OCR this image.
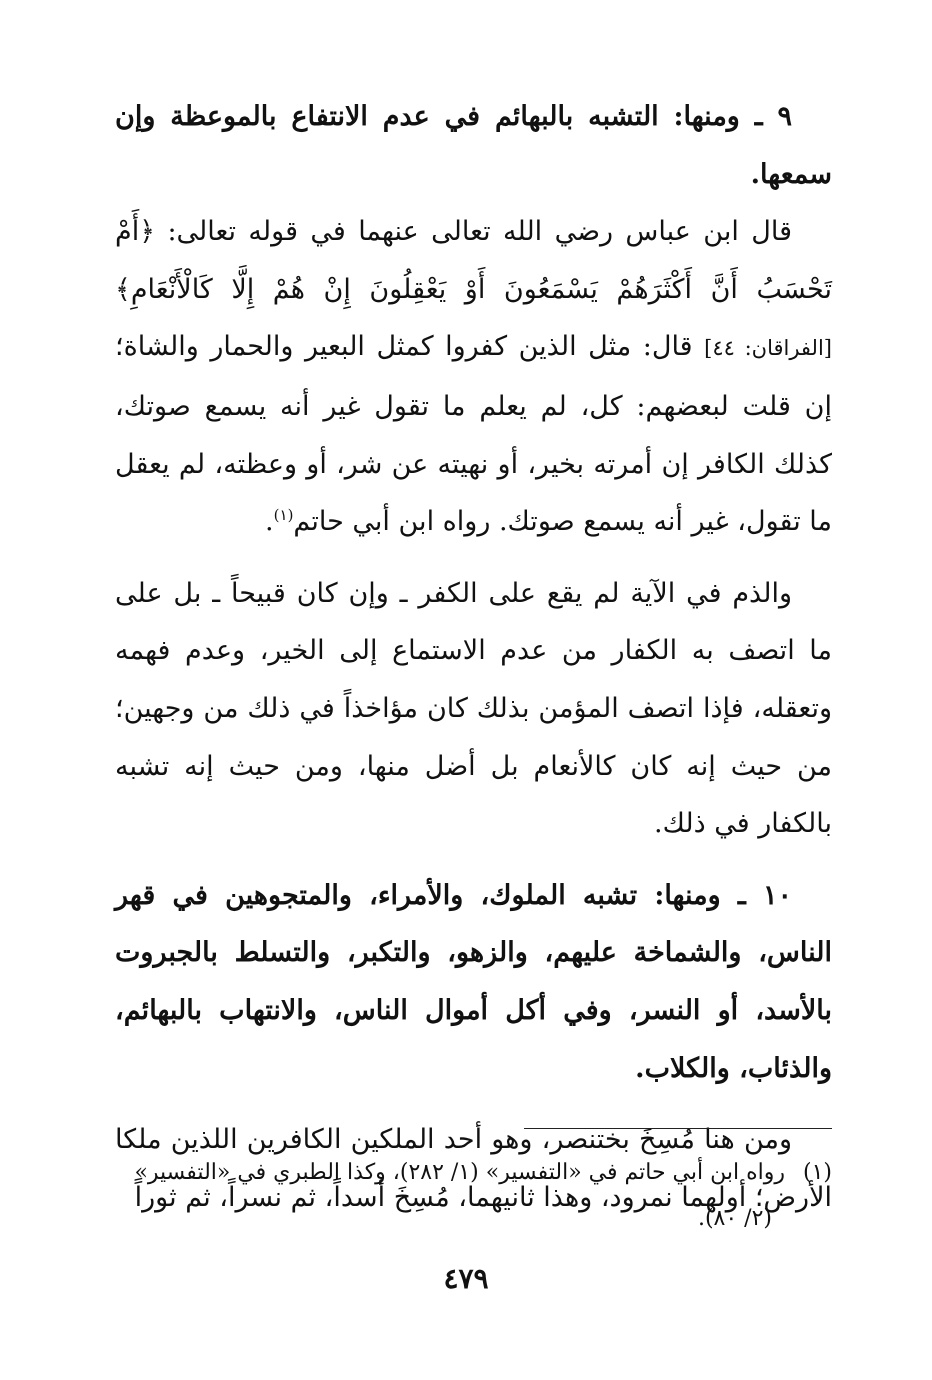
٩ ـ ومنها: التشبه بالبهائم في عدم الانتفاع بالموعظة وإن سمعها.

قال ابن عباس رضي الله تعالى عنهما في قوله تعالى: ﴿أَمْ تَحْسَبُ أَنَّ أَكْثَرَهُمْ يَسْمَعُونَ أَوْ يَعْقِلُونَ إِنْ هُمْ إِلَّا كَالْأَنْعَامِ﴾ [الفراقان: ٤٤] قال: مثل الذين كفروا كمثل البعير والحمار والشاة؛ إن قلت لبعضهم: كل، لم يعلم ما تقول غير أنه يسمع صوتك، كذلك الكافر إن أمرته بخير، أو نهيته عن شر، أو وعظته، لم يعقل ما تقول، غير أنه يسمع صوتك. رواه ابن أبي حاتم$^{(١)}$.

والذم في الآية لم يقع على الكفر ـ وإن كان قبيحاً ـ بل على ما اتصف به الكفار من عدم الاستماع إلى الخير، وعدم فهمه وتعقله، فإذا اتصف المؤمن بذلك كان مؤاخذاً في ذلك من وجهين؛ من حيث إنه كان كالأنعام بل أضل منها، ومن حيث إنه تشبه بالكفار في ذلك.

١٠ ـ ومنها: تشبه الملوك، والأمراء، والمتجوهين في قهر الناس، والشماخة عليهم، والزهو، والتكبر، والتسلط بالجبروت بالأسد، أو النسر، وفي أكل أموال الناس، والانتهاب بالبهائم، والذئاب، والكلاب.

ومن هنا مُسِخَ بختنصر، وهو أحد الملكين الكافرين اللذين ملكا الأرض؛ أولهما نمرود، وهذا ثانيهما، مُسِخَ أسداً، ثم نسراً، ثم ثوراً

(١)رواه ابن أبي حاتم في «التفسير» (١/ ٢٨٢)، وكذا الطبري في «التفسير»
(٢/ ٨٠).

٤٧٩
